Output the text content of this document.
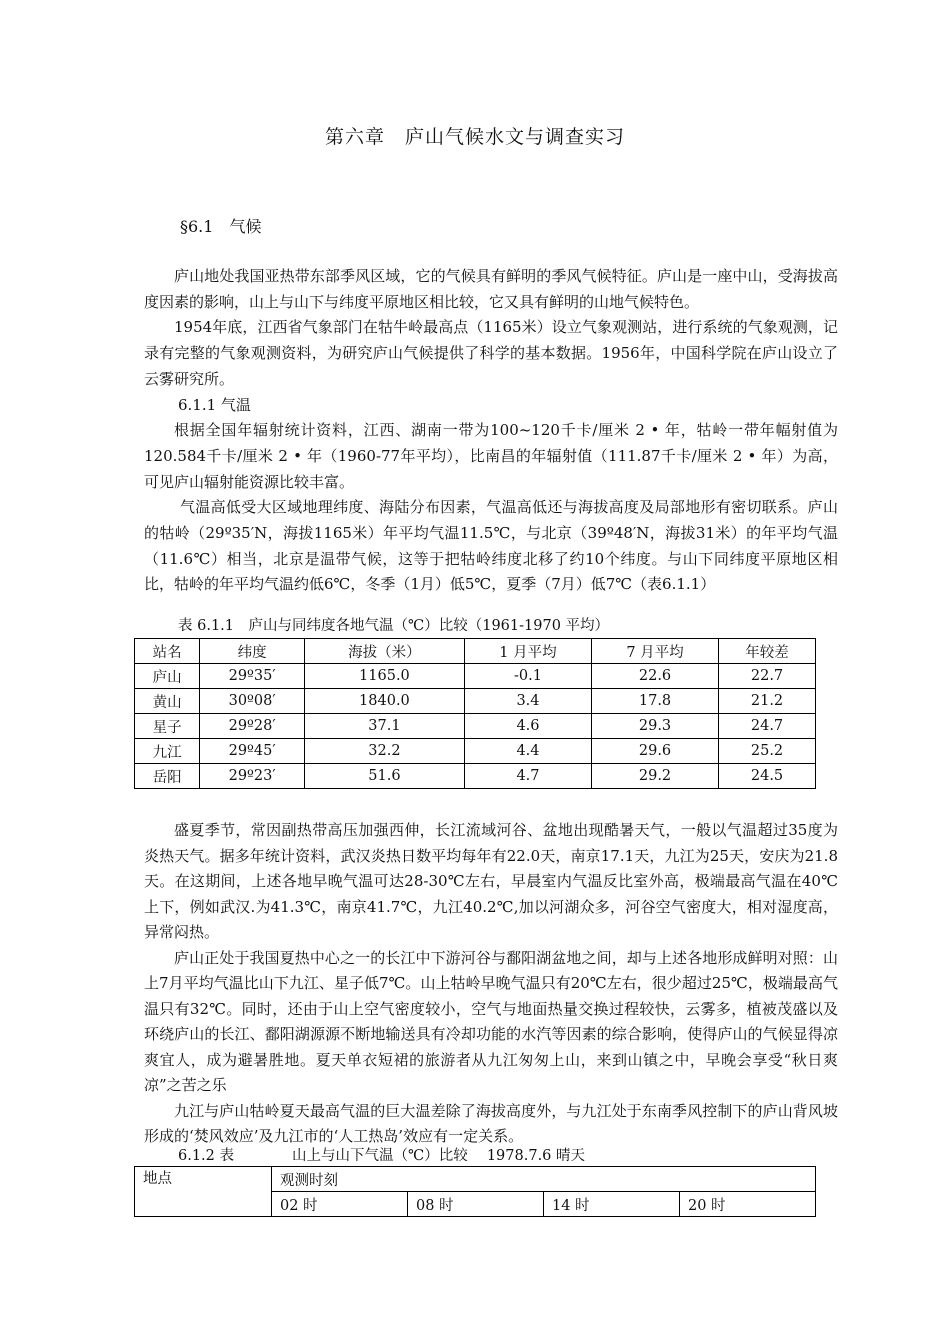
第六章　庐山气候水文与调查实习
§6.1　气候

庐山地处我国亚热带东部季风区域，它的气候具有鲜明的季风气候特征。庐山是一座中山，受海拔高度因素的影响，山上与山下与纬度平原地区相比较，它又具有鲜明的山地气候特色。

1954年底，江西省气象部门在牯牛岭最高点（1165米）设立气象观测站，进行系统的气象观测，记录有完整的气象观测资料，为研究庐山气候提供了科学的基本数据。1956年，中国科学院在庐山设立了云雾研究所。

6.1.1 气温

根据全国年辐射统计资料，江西、湖南一带为100~120千卡/厘米 2 • 年，牯岭一带年幅射值为120.584千卡/厘米 2 • 年（1960-77年平均），比南昌的年辐射值（111.87千卡/厘米 2 • 年）为高，可见庐山辐射能资源比较丰富。

气温高低受大区域地理纬度、海陆分布因素，气温高低还与海拔高度及局部地形有密切联系。庐山的牯岭（29º35′N，海拔1165米）年平均气温11.5℃，与北京（39º48′N，海拔31米）的年平均气温（11.6℃）相当，北京是温带气候，这等于把牯岭纬度北移了约10个纬度。与山下同纬度平原地区相比，牯岭的年平均气温约低6℃，冬季（1月）低5℃，夏季（7月）低7℃（表6.1.1）

表 6.1.1　庐山与同纬度各地气温（℃）比较（1961-1970 平均）
站名	纬度	海拔（米）	1 月平均	7 月平均	年较差
庐山	29º35′	1165.0	-0.1	22.6	22.7
黄山	30º08′	1840.0	3.4	17.8	21.2
星子	29º28′	37.1	4.6	29.3	24.7
九江	29º45′	32.2	4.4	29.6	25.2
岳阳	29º23′	51.6	4.7	29.2	24.5

盛夏季节，常因副热带高压加强西伸，长江流域河谷、盆地出现酷暑天气，一般以气温超过35度为炎热天气。据多年统计资料，武汉炎热日数平均每年有22.0天，南京17.1天，九江为25天，安庆为21.8天。在这期间，上述各地早晚气温可达28-30℃左右，早晨室内气温反比室外高，极端最高气温在40℃上下，例如武汉.为41.3℃，南京41.7℃，九江40.2℃,加以河湖众多，河谷空气密度大，相对湿度高，异常闷热。

庐山正处于我国夏热中心之一的长江中下游河谷与鄱阳湖盆地之间，却与上述各地形成鲜明对照：山上7月平均气温比山下九江、星子低7℃。山上牯岭早晚气温只有20℃左右，很少超过25℃，极端最高气温只有32℃。同时，还由于山上空气密度较小，空气与地面热量交换过程较快，云雾多，植被茂盛以及环绕庐山的长江、鄱阳湖源源不断地输送具有冷却功能的水汽等因素的综合影响，使得庐山的气候显得凉爽宜人，成为避暑胜地。夏天单衣短裙的旅游者从九江匆匆上山，来到山镇之中，早晚会享受“秋日爽凉”之苦之乐

九江与庐山牯岭夏天最高气温的巨大温差除了海拔高度外，与九江处于东南季风控制下的庐山背风坡形成的‘焚风效应’及九江市的‘人工热岛’效应有一定关系。

6.1.2 表　　　　山上与山下气温（℃）比较　 1978.7.6 晴天
地点	观测时刻			
	02 时	08 时	14 时	20 时
